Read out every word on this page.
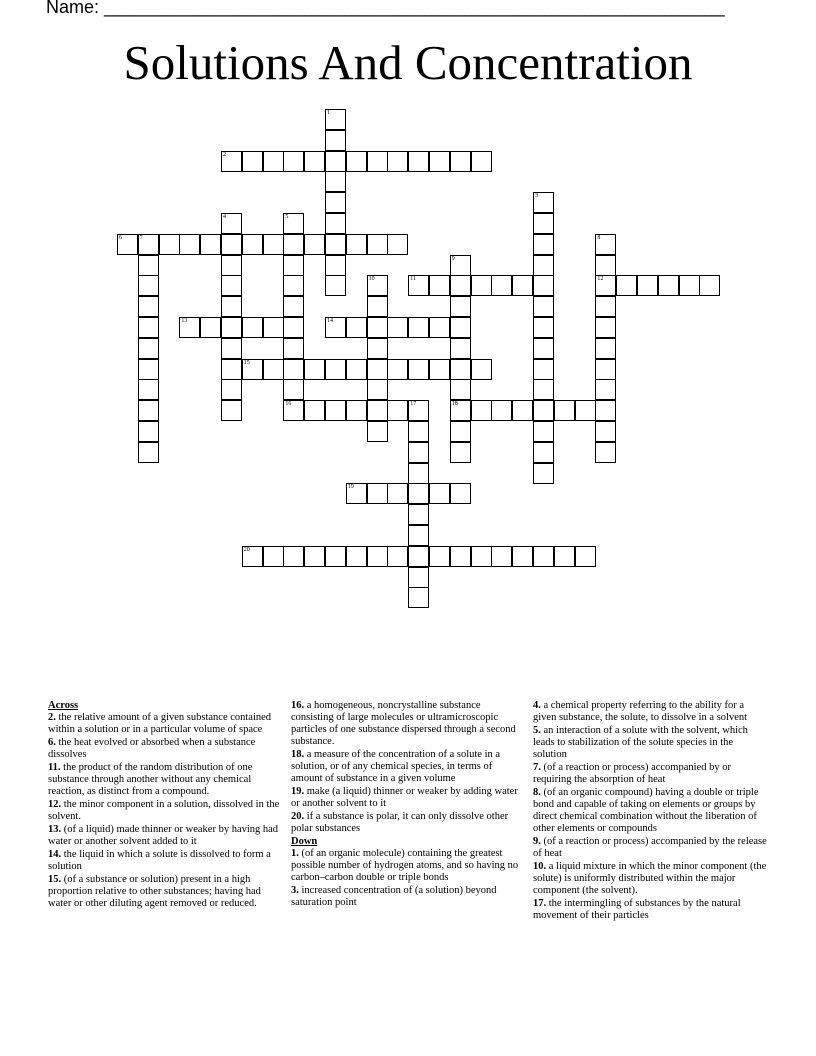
Name: ______________________________________________________________
Solutions And Concentration
1
2
3
4	5
6	7	8
12
9
18
10	11
13	14
15
16	17
19
20
Across
2. the relative amount of a given substance contained within a solution or in a particular volume of space
6. the heat evolved or absorbed when a substance dissolves
11. the product of the random distribution of one substance through another without any chemical reaction, as distinct from a compound.
12. the minor component in a solution, dissolved in the solvent.
13. (of a liquid) made thinner or weaker by having had water or another solvent added to it
14. the liquid in which a solute is dissolved to form a solution
15. (of a substance or solution) present in a high proportion relative to other substances; having had water or other diluting agent removed or reduced.
16. a homogeneous, noncrystalline substance consisting of large molecules or ultramicroscopic particles of one substance dispersed through a second substance.
18. a measure of the concentration of a solute in a solution, or of any chemical species, in terms of amount of substance in a given volume
19. make (a liquid) thinner or weaker by adding water or another solvent to it
20. if a substance is polar, it can only dissolve other polar substances
Down
1. (of an organic molecule) containing the greatest possible number of hydrogen atoms, and so having no carbon–carbon double or triple bonds
3. increased concentration of (a solution) beyond saturation point
4. a chemical property referring to the ability for a given substance, the solute, to dissolve in a solvent
5. an interaction of a solute with the solvent, which leads to stabilization of the solute species in the solution
7. (of a reaction or process) accompanied by or requiring the absorption of heat
8. (of an organic compound) having a double or triple bond and capable of taking on elements or groups by direct chemical combination without the liberation of other elements or compounds
9. (of a reaction or process) accompanied by the release of heat
10. a liquid mixture in which the minor component (the solute) is uniformly distributed within the major component (the solvent).
17. the intermingling of substances by the natural movement of their particles
